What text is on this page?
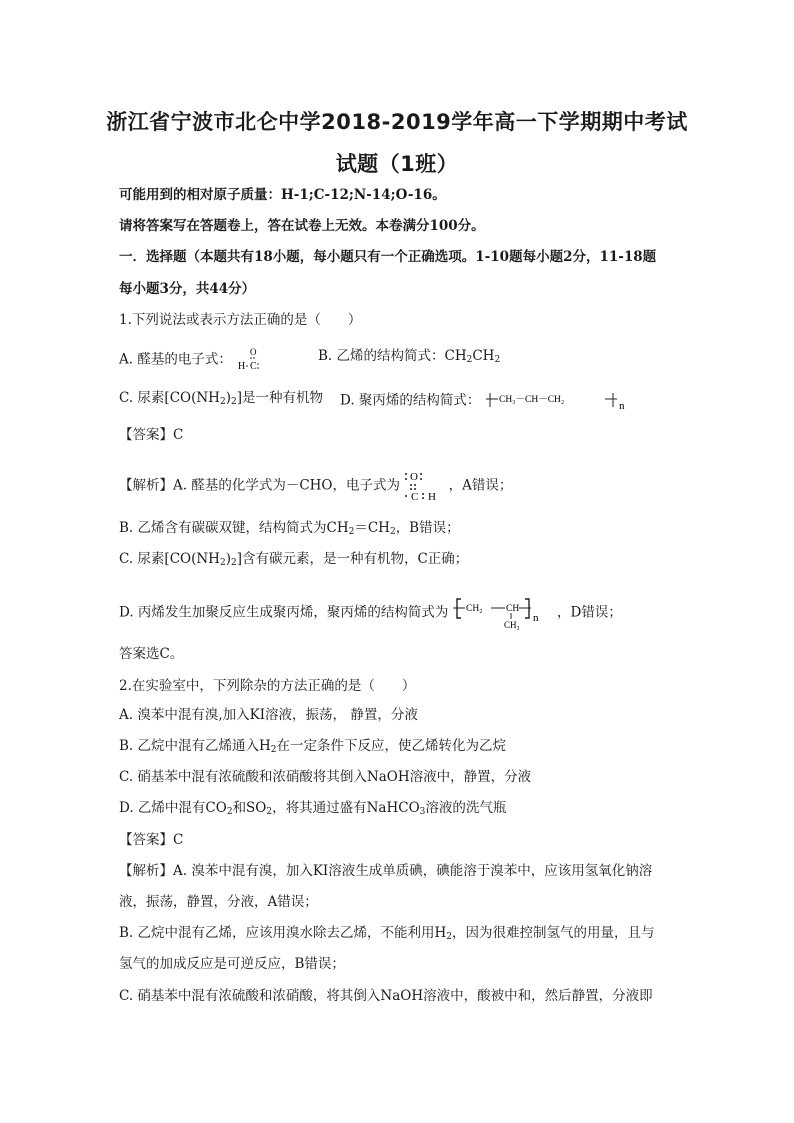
浙江省宁波市北仑中学2018-2019学年高一下学期期中考试
试题（1班）
可能用到的相对原子质量：H-1;C-12;N-14;O-16。
请将答案写在答题卷上，答在试卷上无效。本卷满分100分。
一．选择题（本题共有18小题，每小题只有一个正确选项。1-10题每小题2分，11-18题
每小题3分，共44分）
1.下列说法或表示方法正确的是（　　）
A. 醛基的电子式： O
H C
B. 乙烯的结构简式：$CH_2CH_2$
C. 尿素$[CO(NH_2)_2]$是一种有机物 D. 聚丙烯的结构简式： CH₃－CH－CH₂	n
【答案】C
【解析】A. 醛基的化学式为－CHO，电子式为
O
C H
，A错误；
B. 乙烯含有碳碳双键，结构简式为$CH_2=CH_2$，B错误；
C. 尿素$[CO(NH_2)_2]$含有碳元素，是一种有机物，C正确；
D. 丙烯发生加聚反应生成聚丙烯，聚丙烯的结构简式为 CH₂ CH
CH₃
n ，D错误；
答案选C。
2.在实验室中，下列除杂的方法正确的是（　　）
A. 溴苯中混有溴,加入KI溶液，振荡， 静置，分液
B. 乙烷中混有乙烯通入$H_2$在一定条件下反应，使乙烯转化为乙烷
C. 硝基苯中混有浓硫酸和浓硝酸将其倒入NaOH溶液中，静置，分液
D. 乙烯中混有$CO_2$和$SO_2$，将其通过盛有NaHCO$_3$溶液的洗气瓶
【答案】C
【解析】A. 溴苯中混有溴，加入KI溶液生成单质碘，碘能溶于溴苯中，应该用氢氧化钠溶
液，振荡，静置，分液，A错误；
B. 乙烷中混有乙烯，应该用溴水除去乙烯，不能利用$H_2$，因为很难控制氢气的用量，且与
氢气的加成反应是可逆反应，B错误；
C. 硝基苯中混有浓硫酸和浓硝酸，将其倒入NaOH溶液中，酸被中和，然后静置，分液即
